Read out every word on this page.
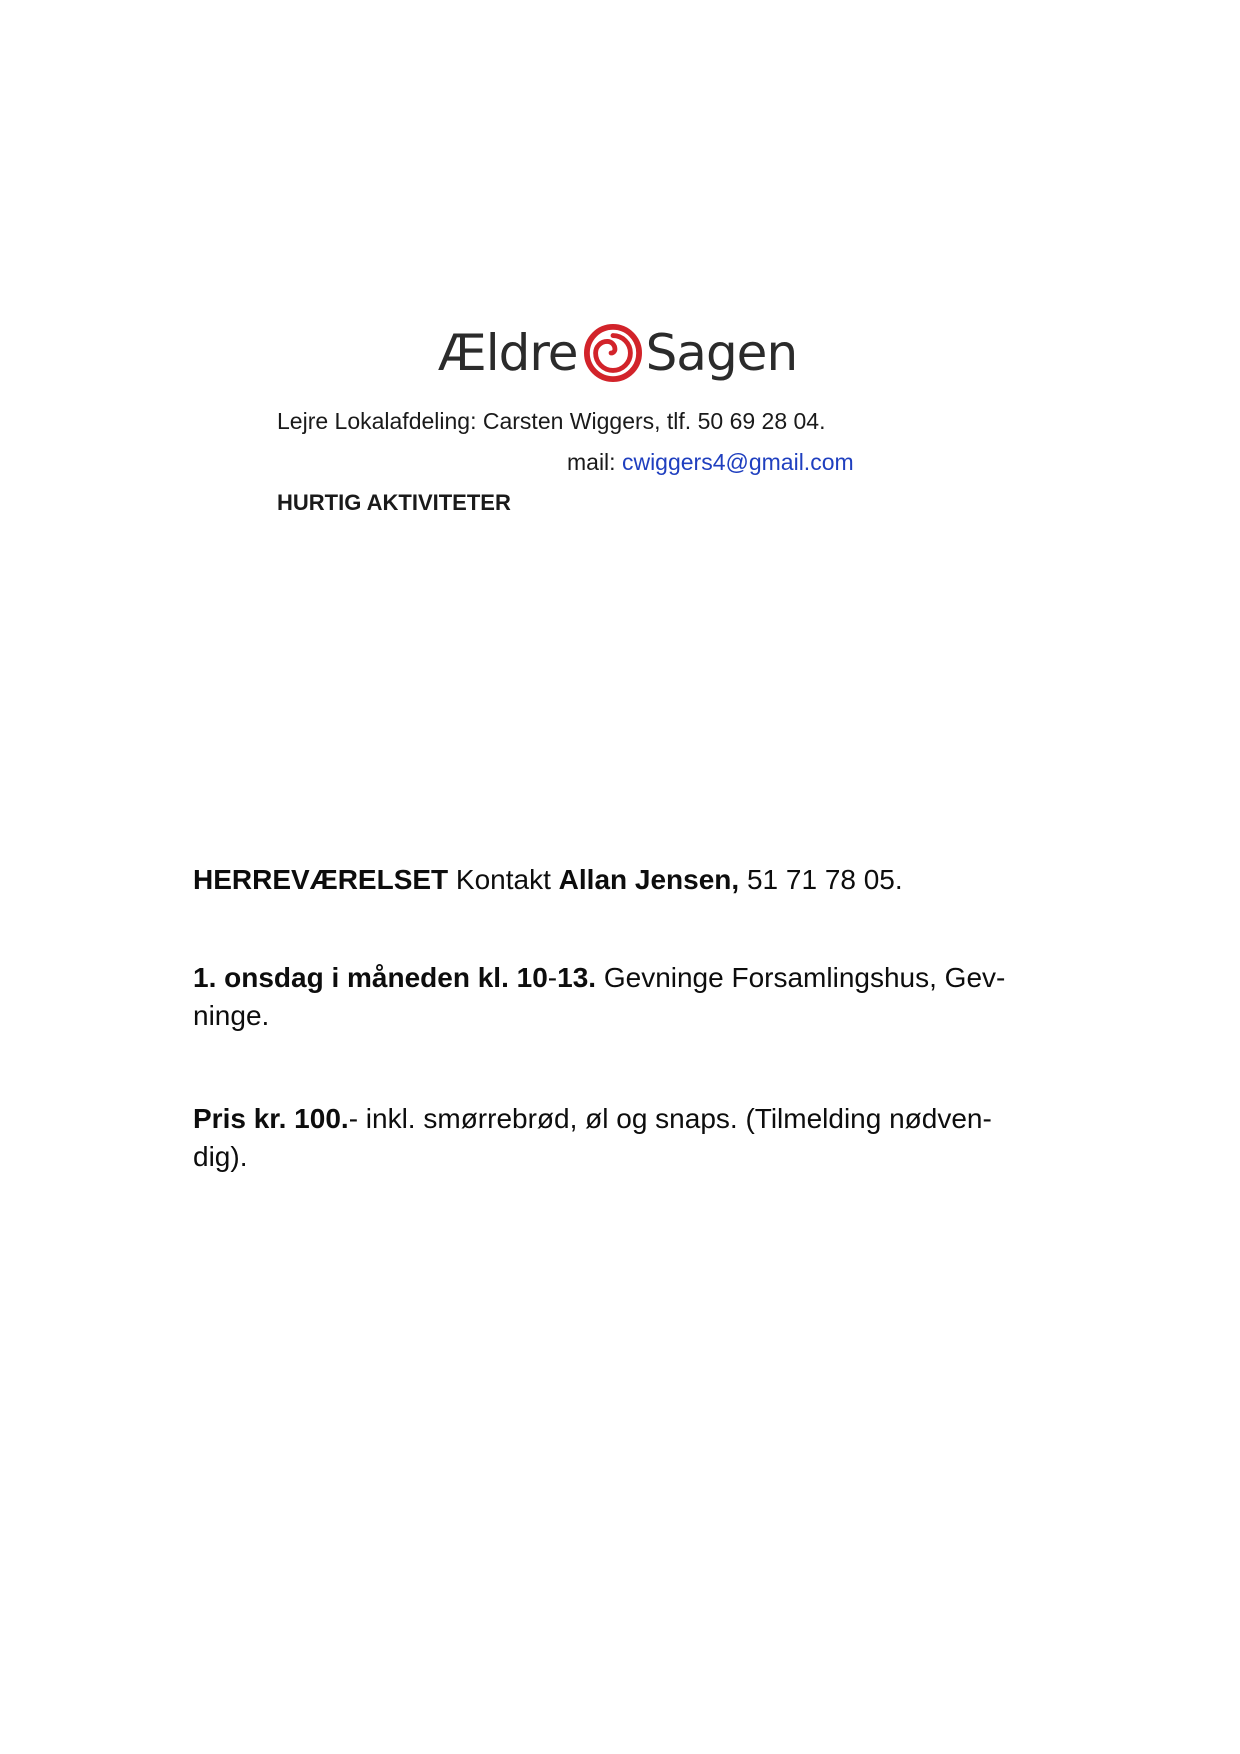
Ældre Sagen
Lejre Lokalafdeling: Carsten Wiggers, tlf. 50 69 28 04.
mail: cwiggers4@gmail.com
HURTIG AKTIVITETER
HERREVÆRELSET Kontakt Allan Jensen, 51 71 78 05.
1. onsdag i måneden kl. 10-13. Gevninge Forsamlingshus, Gev-
ninge.
Pris kr. 100.- inkl. smørrebrød, øl og snaps. (Tilmelding nødven-
dig).
